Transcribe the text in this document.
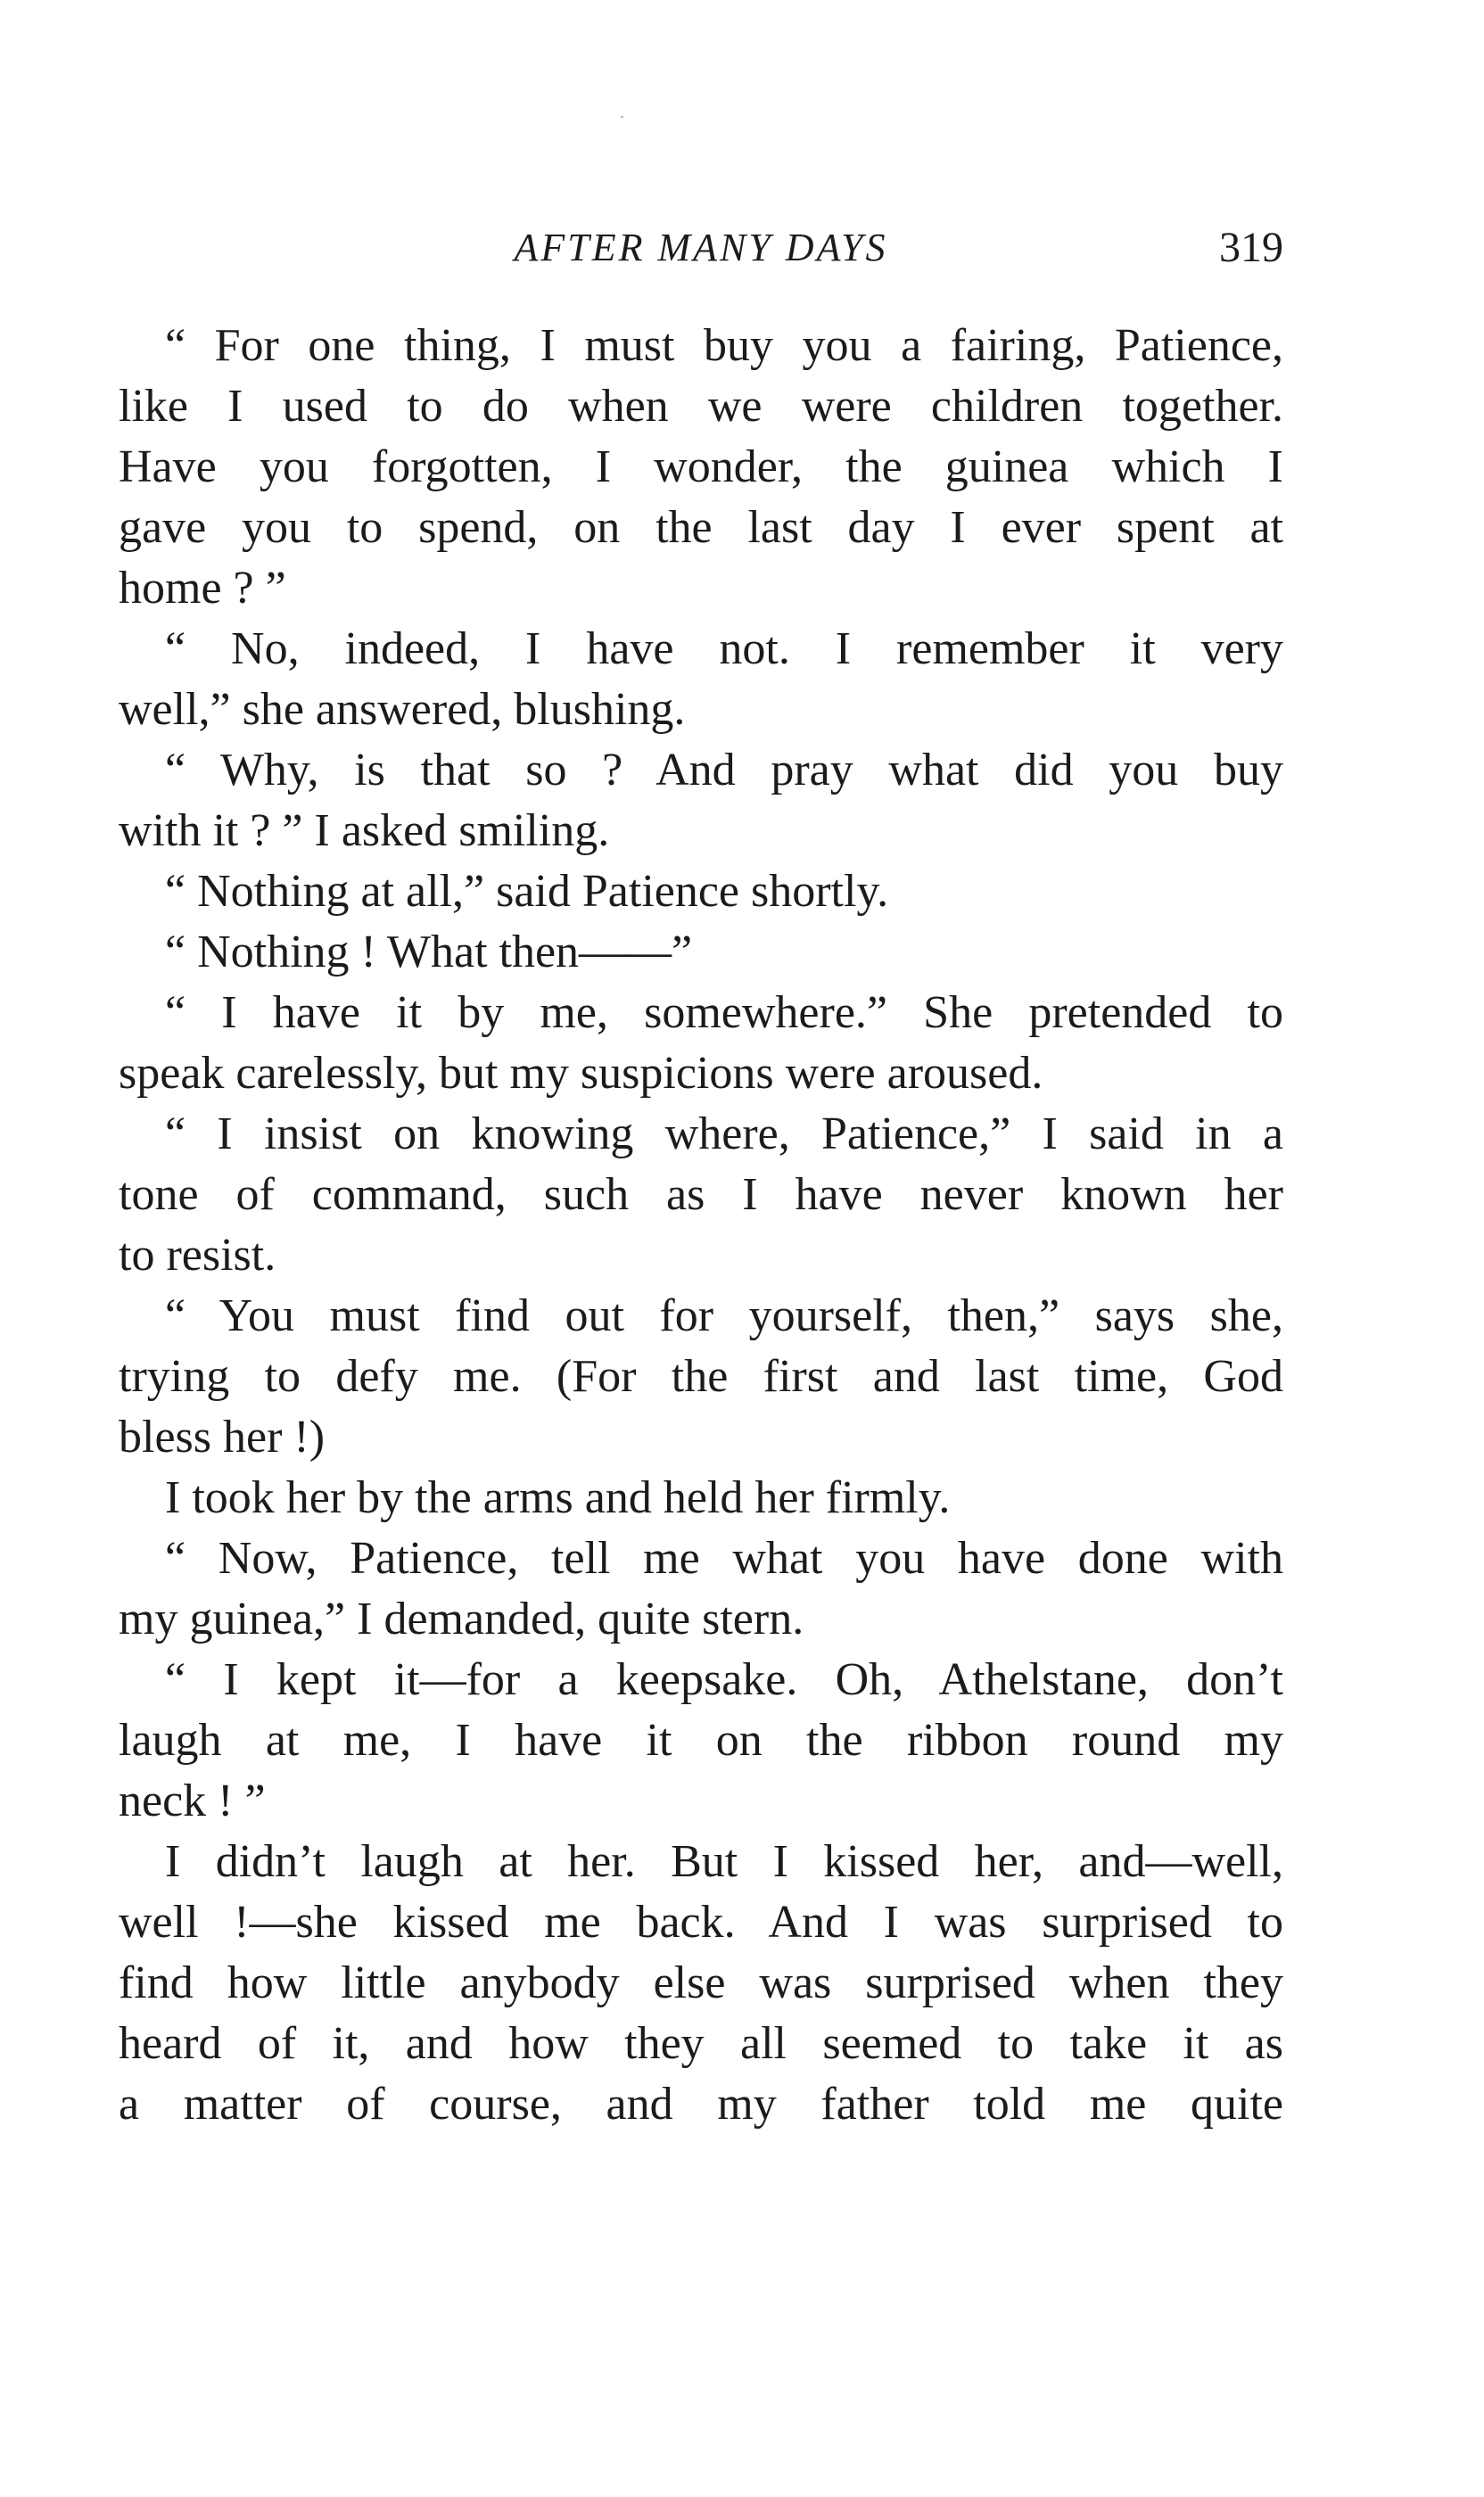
AFTER MANY DAYS	319
“ For one thing, I must buy you a fairing, Patience,
like I used to do when we were children together.
Have you forgotten, I wonder, the guinea which I
gave you to spend, on the last day I ever spent at
home ? ”
“ No, indeed, I have not. I remember it very
well,” she answered, blushing.
“ Why, is that so ? And pray what did you buy
with it ? ” I asked smiling.
“ Nothing at all,” said Patience shortly.
“ Nothing ! What then——”
“ I have it by me, somewhere.” She pretended to
speak carelessly, but my suspicions were aroused.
“ I insist on knowing where, Patience,” I said in a
tone of command, such as I have never known her
to resist.
“ You must find out for yourself, then,” says she,
trying to defy me. (For the first and last time, God
bless her !)
I took her by the arms and held her firmly.
“ Now, Patience, tell me what you have done with
my guinea,” I demanded, quite stern.
“ I kept it—for a keepsake. Oh, Athelstane, don’t
laugh at me, I have it on the ribbon round my
neck ! ”
I didn’t laugh at her. But I kissed her, and—well,
well !—she kissed me back. And I was surprised to
find how little anybody else was surprised when they
heard of it, and how they all seemed to take it as
a matter of course, and my father told me quite
